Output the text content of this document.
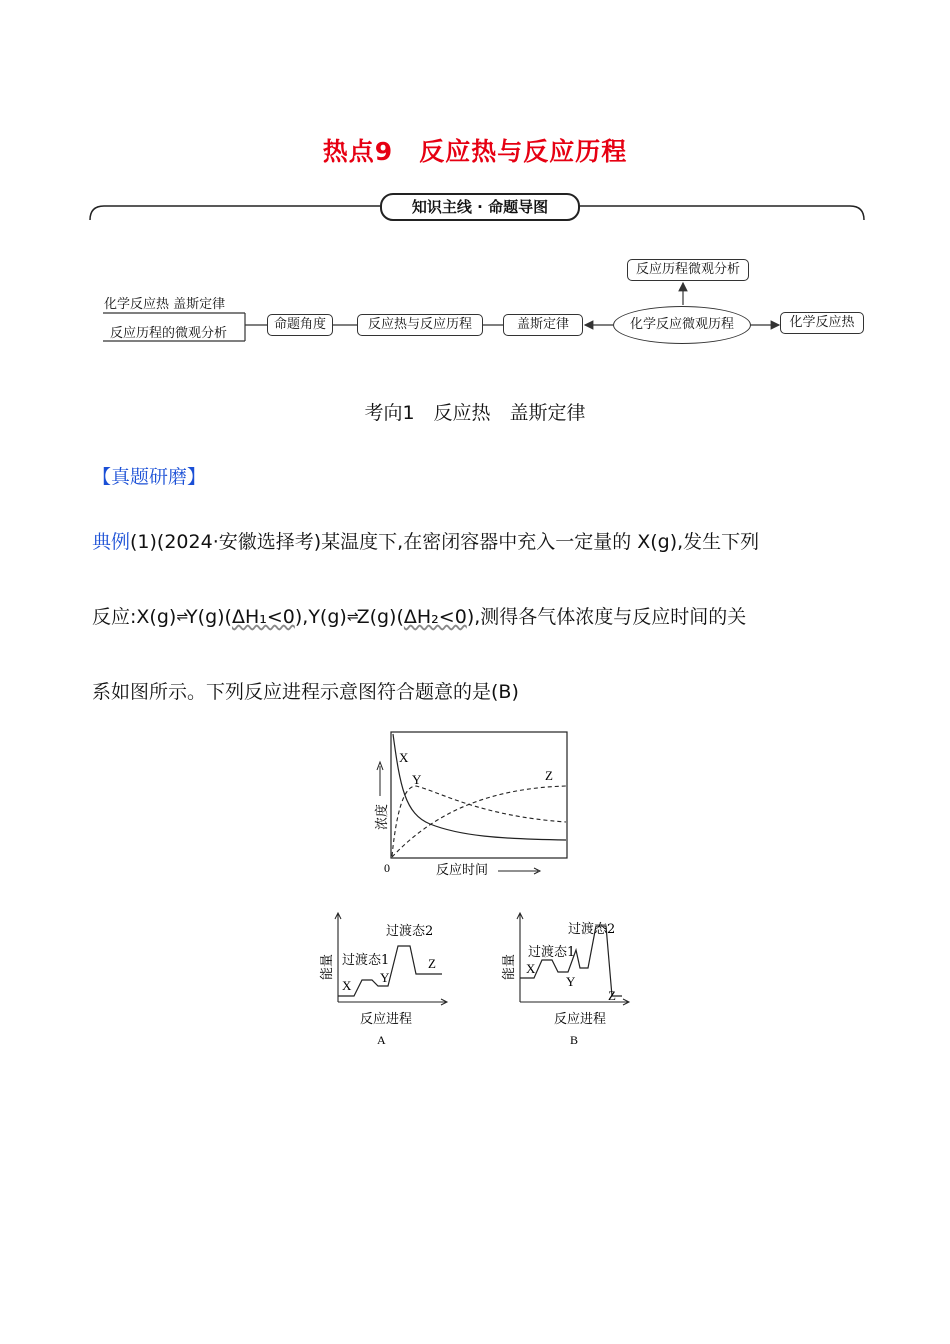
热点9　反应热与反应历程
知识主线 · 命题导图
化学反应热 盖斯定律
反应历程的微观分析
命题角度	反应热与反应历程	盖斯定律	化学反应微观历程
反应历程微观分析
化学反应热
考向1　反应热　盖斯定律
【真题研磨】
典例(1)(2024·安徽选择考)某温度下,在密闭容器中充入一定量的 X(g),发生下列
反应:X(g)⇌Y(g)(ΔH₁<0),Y(g)⇌Z(g)(ΔH₂<0),测得各气体浓度与反应时间的关
系如图所示。下列反应进程示意图符合题意的是(B)
X
Y	Z
0	反应时间
浓度
X
Y
Z
过渡态1
过渡态2
能量
反应进程
A
X
Y
Z
过渡态1
过渡态2
能量
反应进程
B
